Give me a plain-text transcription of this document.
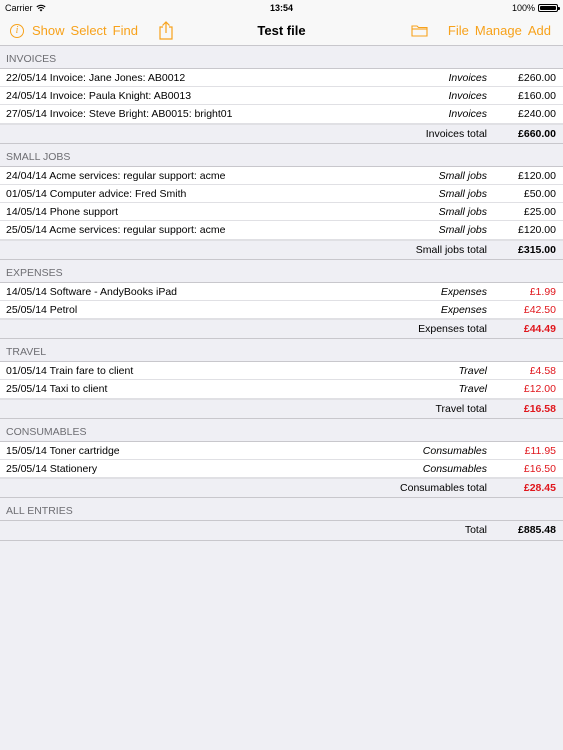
Carrier	13:54	100%
i	Show Select Find	Test file	File Manage Add
INVOICES
22/05/14 Invoice: Jane Jones: AB0012	Invoices	£260.00
24/05/14 Invoice: Paula Knight: AB0013	Invoices	£160.00
27/05/14 Invoice: Steve Bright: AB0015: bright01	Invoices	£240.00
Invoices total	£660.00
SMALL JOBS
24/04/14 Acme services: regular support: acme	Small jobs	£120.00
01/05/14 Computer advice: Fred Smith	Small jobs	£50.00
14/05/14 Phone support	Small jobs	£25.00
25/05/14 Acme services: regular support: acme	Small jobs	£120.00
Small jobs total	£315.00
EXPENSES
14/05/14 Software - AndyBooks iPad	Expenses	£1.99
25/05/14 Petrol	Expenses	£42.50
Expenses total	£44.49
TRAVEL
01/05/14 Train fare to client	Travel	£4.58
25/05/14 Taxi to client	Travel	£12.00
Travel total	£16.58
CONSUMABLES
15/05/14 Toner cartridge	Consumables	£11.95
25/05/14 Stationery	Consumables	£16.50
Consumables total	£28.45
ALL ENTRIES
Total	£885.48
